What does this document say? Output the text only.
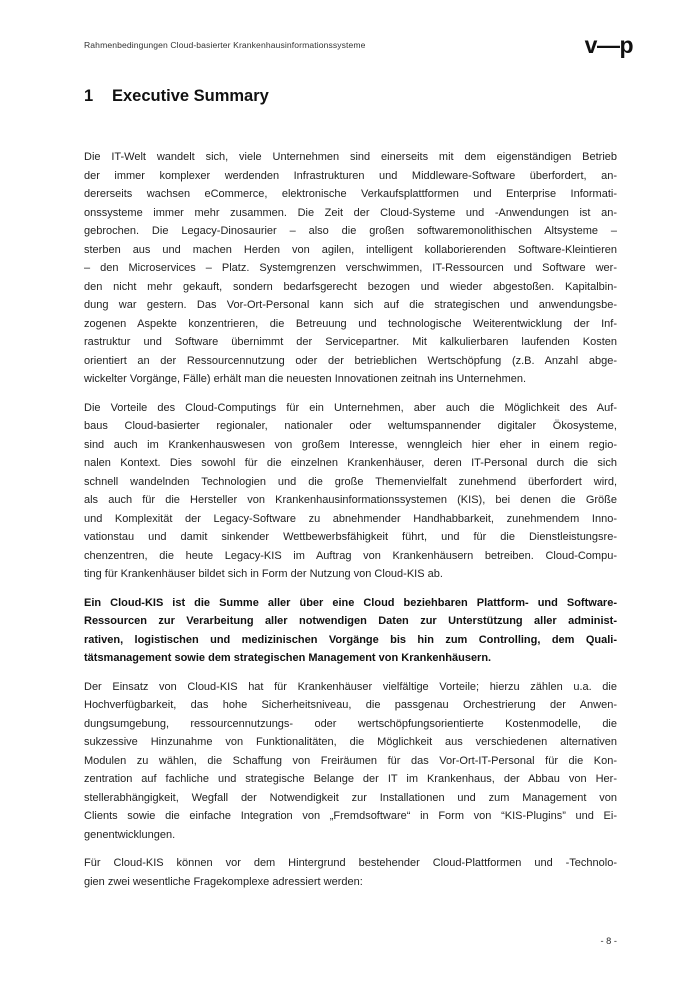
Rahmenbedingungen Cloud-basierter Krankenhausinformationssysteme	v—p
1	Executive Summary
Die IT-Welt wandelt sich, viele Unternehmen sind einerseits mit dem eigenständigen Betrieb
der immer komplexer werdenden Infrastrukturen und Middleware-Software überfordert, an-
dererseits wachsen eCommerce, elektronische Verkaufsplattformen und Enterprise Informati-
onssysteme immer mehr zusammen. Die Zeit der Cloud-Systeme und -Anwendungen ist an-
gebrochen. Die Legacy-Dinosaurier – also die großen softwaremonolithischen Altsysteme –
sterben aus und machen Herden von agilen, intelligent kollaborierenden Software-Kleintieren
– den Microservices – Platz. Systemgrenzen verschwimmen, IT-Ressourcen und Software wer-
den nicht mehr gekauft, sondern bedarfsgerecht bezogen und wieder abgestoßen. Kapitalbin-
dung war gestern. Das Vor-Ort-Personal kann sich auf die strategischen und anwendungsbe-
zogenen Aspekte konzentrieren, die Betreuung und technologische Weiterentwicklung der Inf-
rastruktur und Software übernimmt der Servicepartner. Mit kalkulierbaren laufenden Kosten
orientiert an der Ressourcennutzung oder der betrieblichen Wertschöpfung (z.B. Anzahl abge-
wickelter Vorgänge, Fälle) erhält man die neuesten Innovationen zeitnah ins Unternehmen.
Die Vorteile des Cloud-Computings für ein Unternehmen, aber auch die Möglichkeit des Auf-
baus Cloud-basierter regionaler, nationaler oder weltumspannender digitaler Ökosysteme,
sind auch im Krankenhauswesen von großem Interesse, wenngleich hier eher in einem regio-
nalen Kontext. Dies sowohl für die einzelnen Krankenhäuser, deren IT-Personal durch die sich
schnell wandelnden Technologien und die große Themenvielfalt zunehmend überfordert wird,
als auch für die Hersteller von Krankenhausinformationssystemen (KIS), bei denen die Größe
und Komplexität der Legacy-Software zu abnehmender Handhabbarkeit, zunehmendem Inno-
vationstau und damit sinkender Wettbewerbsfähigkeit führt, und für die Dienstleistungsre-
chenzentren, die heute Legacy-KIS im Auftrag von Krankenhäusern betreiben. Cloud-Compu-
ting für Krankenhäuser bildet sich in Form der Nutzung von Cloud-KIS ab.
Ein Cloud-KIS ist die Summe aller über eine Cloud beziehbaren Plattform- und Software-
Ressourcen zur Verarbeitung aller notwendigen Daten zur Unterstützung aller administ-
rativen, logistischen und medizinischen Vorgänge bis hin zum Controlling, dem Quali-
tätsmanagement sowie dem strategischen Management von Krankenhäusern.
Der Einsatz von Cloud-KIS hat für Krankenhäuser vielfältige Vorteile; hierzu zählen u.a. die
Hochverfügbarkeit, das hohe Sicherheitsniveau, die passgenau Orchestrierung der Anwen-
dungsumgebung, ressourcennutzungs- oder wertschöpfungsorientierte Kostenmodelle, die
sukzessive Hinzunahme von Funktionalitäten, die Möglichkeit aus verschiedenen alternativen
Modulen zu wählen, die Schaffung von Freiräumen für das Vor-Ort-IT-Personal für die Kon-
zentration auf fachliche und strategische Belange der IT im Krankenhaus, der Abbau von Her-
stellerabhängigkeit, Wegfall der Notwendigkeit zur Installationen und zum Management von
Clients sowie die einfache Integration von „Fremdsoftware“ in Form von “KIS-Plugins” und Ei-
genentwicklungen.
Für Cloud-KIS können vor dem Hintergrund bestehender Cloud-Plattformen und -Technolo-
gien zwei wesentliche Fragekomplexe adressiert werden:
- 8 -
